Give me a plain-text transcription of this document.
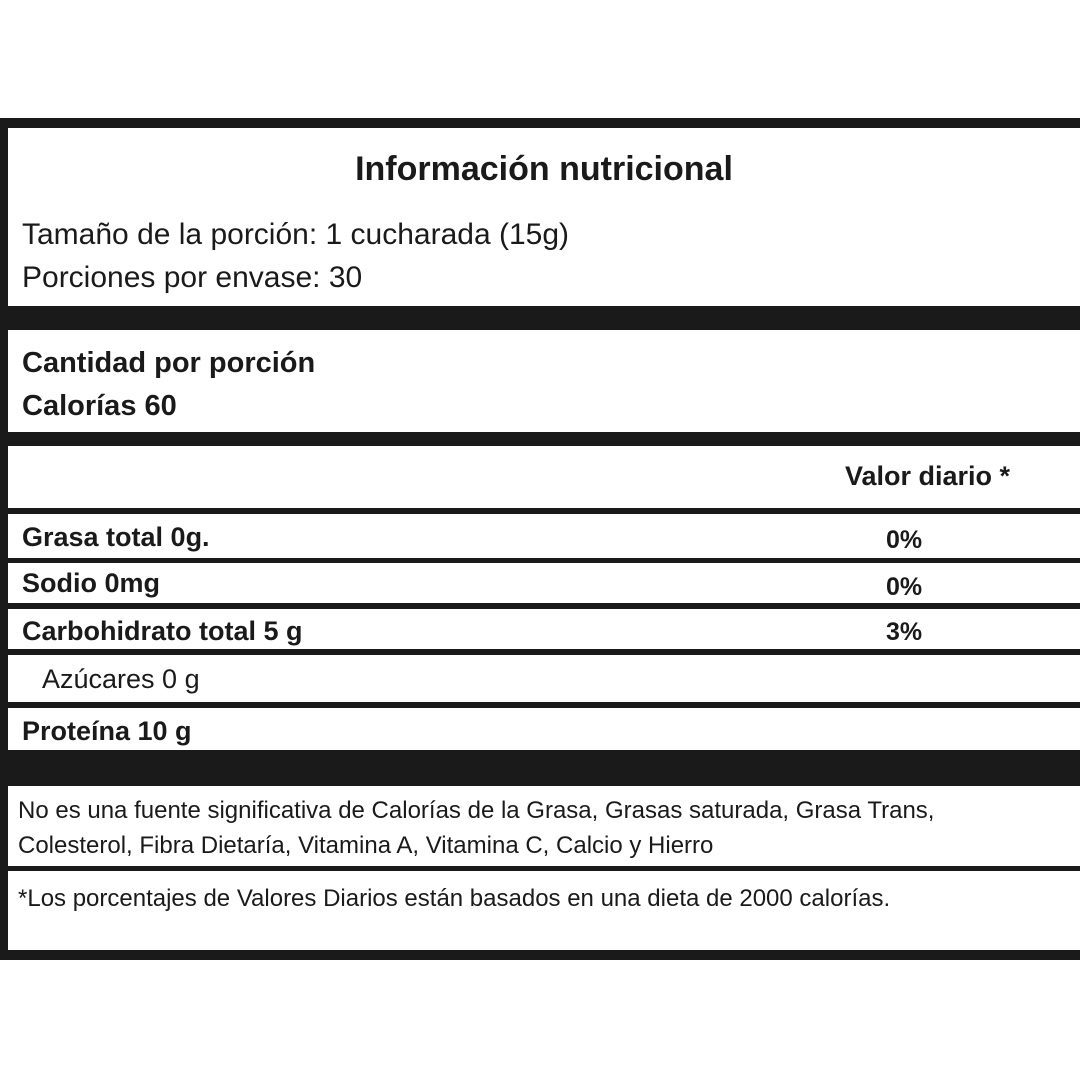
Información nutricional
Tamaño de la porción: 1 cucharada (15g)
Porciones por envase: 30
Cantidad por porción
Calorías 60
Valor diario *
Grasa total 0g.	0%
Sodio 0mg	0%
Carbohidrato total 5 g	3%
Azúcares 0 g
Proteína 10 g
No es una fuente significativa de Calorías de la Grasa, Grasas saturada, Grasa Trans,
Colesterol, Fibra Dietaría, Vitamina A, Vitamina C, Calcio y Hierro
*Los porcentajes de Valores Diarios están basados en una dieta de 2000 calorías.
